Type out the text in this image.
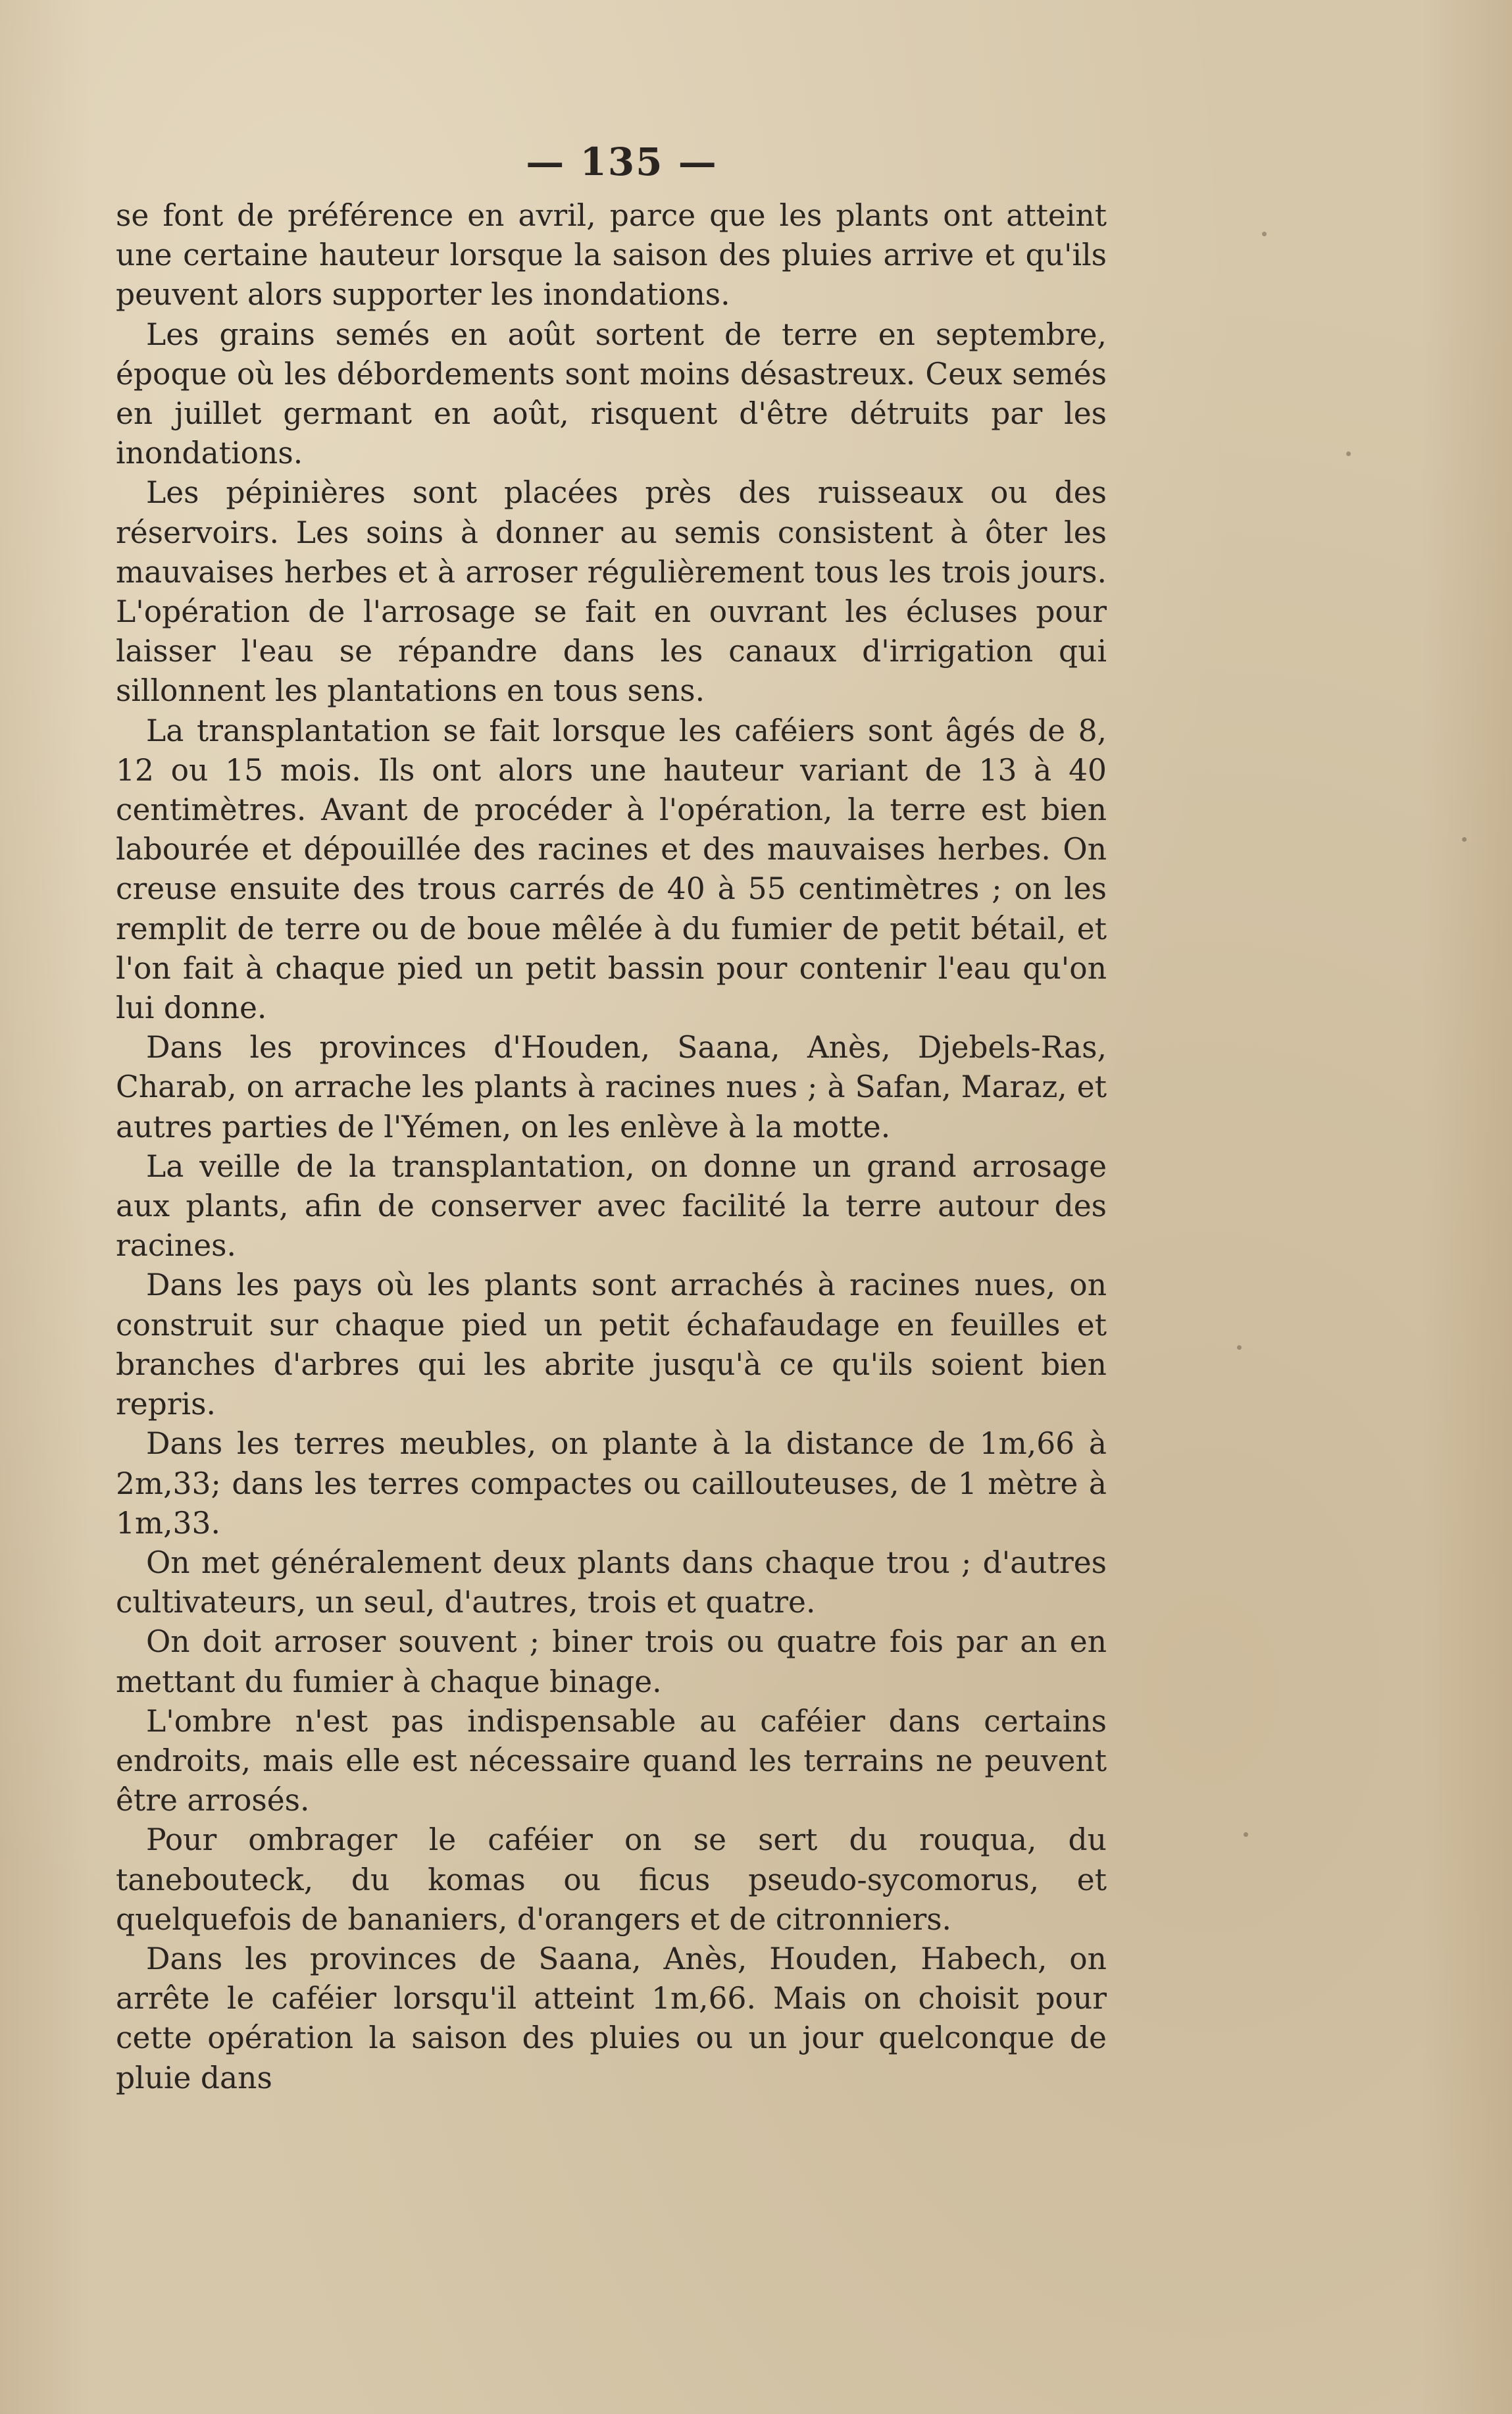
— 135 —

se font de préférence en avril, parce que les plants ont atteint une certaine hauteur lorsque la saison des pluies arrive et qu'ils peuvent alors supporter les inondations.

Les grains semés en août sortent de terre en septembre, époque où les débordements sont moins désastreux. Ceux semés en juillet germant en août, risquent d'être détruits par les inondations.

Les pépinières sont placées près des ruisseaux ou des réservoirs. Les soins à donner au semis consistent à ôter les mauvaises herbes et à arroser régulièrement tous les trois jours. L'opération de l'arrosage se fait en ouvrant les écluses pour laisser l'eau se répandre dans les canaux d'irrigation qui sillonnent les plantations en tous sens.

La transplantation se fait lorsque les caféiers sont âgés de 8, 12 ou 15 mois. Ils ont alors une hauteur variant de 13 à 40 centimètres. Avant de procéder à l'opération, la terre est bien labourée et dépouillée des racines et des mauvaises herbes. On creuse ensuite des trous carrés de 40 à 55 centimètres ; on les remplit de terre ou de boue mêlée à du fumier de petit bétail, et l'on fait à chaque pied un petit bassin pour contenir l'eau qu'on lui donne.

Dans les provinces d'Houden, Saana, Anès, Djebels-Ras, Charab, on arrache les plants à racines nues ; à Safan, Maraz, et autres parties de l'Yémen, on les enlève à la motte.

La veille de la transplantation, on donne un grand arrosage aux plants, afin de conserver avec facilité la terre autour des racines.

Dans les pays où les plants sont arrachés à racines nues, on construit sur chaque pied un petit échafaudage en feuilles et branches d'arbres qui les abrite jusqu'à ce qu'ils soient bien repris.

Dans les terres meubles, on plante à la distance de 1m,66 à 2m,33; dans les terres compactes ou caillouteuses, de 1 mètre à 1m,33.

On met généralement deux plants dans chaque trou ; d'autres cultivateurs, un seul, d'autres, trois et quatre.

On doit arroser souvent ; biner trois ou quatre fois par an en mettant du fumier à chaque binage.

L'ombre n'est pas indispensable au caféier dans certains endroits, mais elle est nécessaire quand les terrains ne peuvent être arrosés.

Pour ombrager le caféier on se sert du rouqua, du tanebouteck, du komas ou ficus pseudo-sycomorus, et quelquefois de bananiers, d'orangers et de citronniers.

Dans les provinces de Saana, Anès, Houden, Habech, on arrête le caféier lorsqu'il atteint 1m,66. Mais on choisit pour cette opération la saison des pluies ou un jour quelconque de pluie dans
